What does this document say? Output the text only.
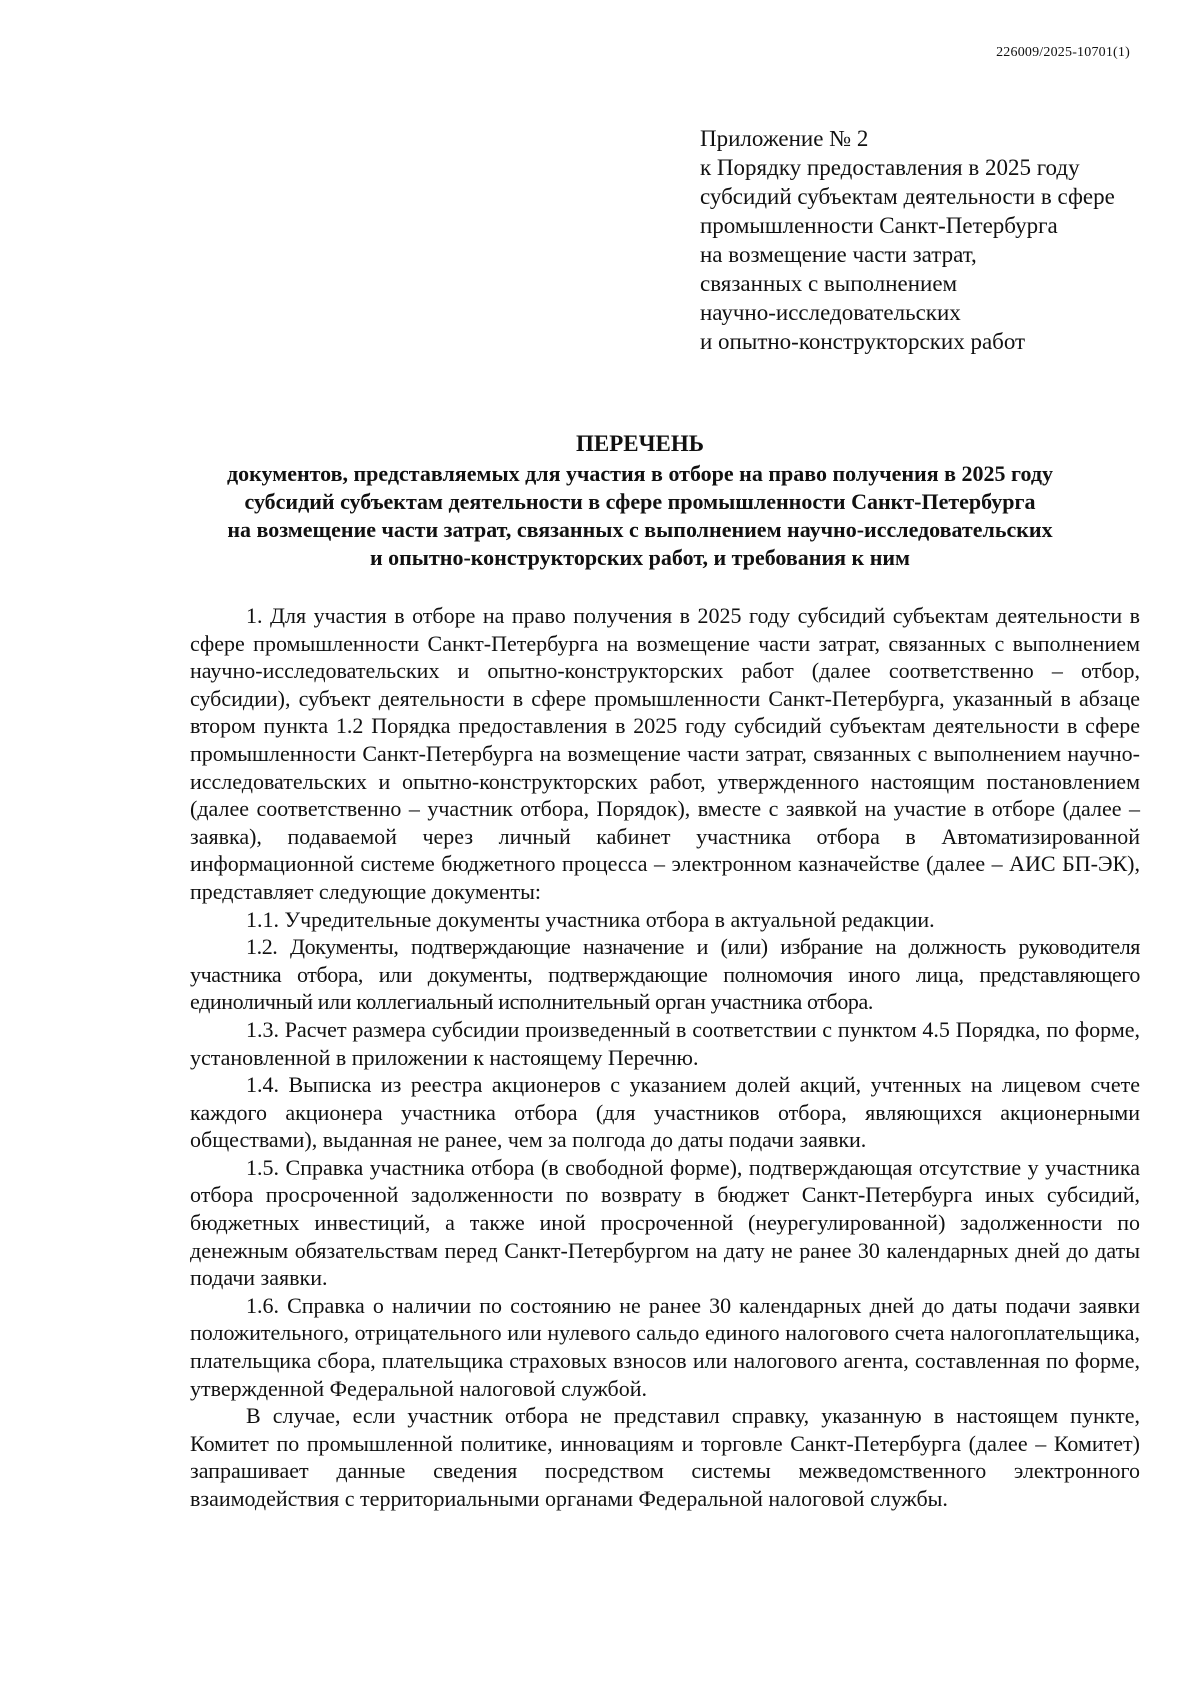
226009/2025-10701(1)
Приложение № 2
к Порядку предоставления в 2025 году
субсидий субъектам деятельности в сфере
промышленности Санкт-Петербурга
на возмещение части затрат,
связанных с выполнением
научно-исследовательских
и опытно-конструкторских работ
ПЕРЕЧЕНЬ
документов, представляемых для участия в отборе на право получения в 2025 году
субсидий субъектам деятельности в сфере промышленности Санкт-Петербурга
на возмещение части затрат, связанных с выполнением научно-исследовательских
и опытно-конструкторских работ, и требования к ним

1. Для участия в отборе на право получения в 2025 году субсидий субъектам деятельности в сфере промышленности Санкт-Петербурга на возмещение части затрат, связанных с выполнением научно-исследовательских и опытно-конструкторских работ (далее соответственно – отбор, субсидии), субъект деятельности в сфере промышленности Санкт-Петербурга, указанный в абзаце втором пункта 1.2 Порядка предоставления в 2025 году субсидий субъектам деятельности в сфере промышленности Санкт-Петербурга на возмещение части затрат, связанных с выполнением научно-исследовательских и опытно-конструкторских работ, утвержденного настоящим постановлением (далее соответственно – участник отбора, Порядок), вместе с заявкой на участие в отборе (далее – заявка), подаваемой через личный кабинет участника отбора в Автоматизированной информационной системе бюджетного процесса – электронном казначействе (далее – АИС БП-ЭК), представляет следующие документы:

1.1. Учредительные документы участника отбора в актуальной редакции.

1.2. Документы, подтверждающие назначение и (или) избрание на должность руководителя участника отбора, или документы, подтверждающие полномочия иного лица, представляющего единоличный или коллегиальный исполнительный орган участника отбора.

1.3. Расчет размера субсидии произведенный в соответствии с пунктом 4.5 Порядка, по форме, установленной в приложении к настоящему Перечню.

1.4. Выписка из реестра акционеров с указанием долей акций, учтенных на лицевом счете каждого акционера участника отбора (для участников отбора, являющихся акционерными обществами), выданная не ранее, чем за полгода до даты подачи заявки.

1.5. Справка участника отбора (в свободной форме), подтверждающая отсутствие у участника отбора просроченной задолженности по возврату в бюджет Санкт-Петербурга иных субсидий, бюджетных инвестиций, а также иной просроченной (неурегулированной) задолженности по денежным обязательствам перед Санкт-Петербургом на дату не ранее 30 календарных дней до даты подачи заявки.

1.6. Справка о наличии по состоянию не ранее 30 календарных дней до даты подачи заявки положительного, отрицательного или нулевого сальдо единого налогового счета налогоплательщика, плательщика сбора, плательщика страховых взносов или налогового агента, составленная по форме, утвержденной Федеральной налоговой службой.

В случае, если участник отбора не представил справку, указанную в настоящем пункте, Комитет по промышленной политике, инновациям и торговле Санкт-Петербурга (далее – Комитет) запрашивает данные сведения посредством системы межведомственного электронного взаимодействия с территориальными органами Федеральной налоговой службы.
